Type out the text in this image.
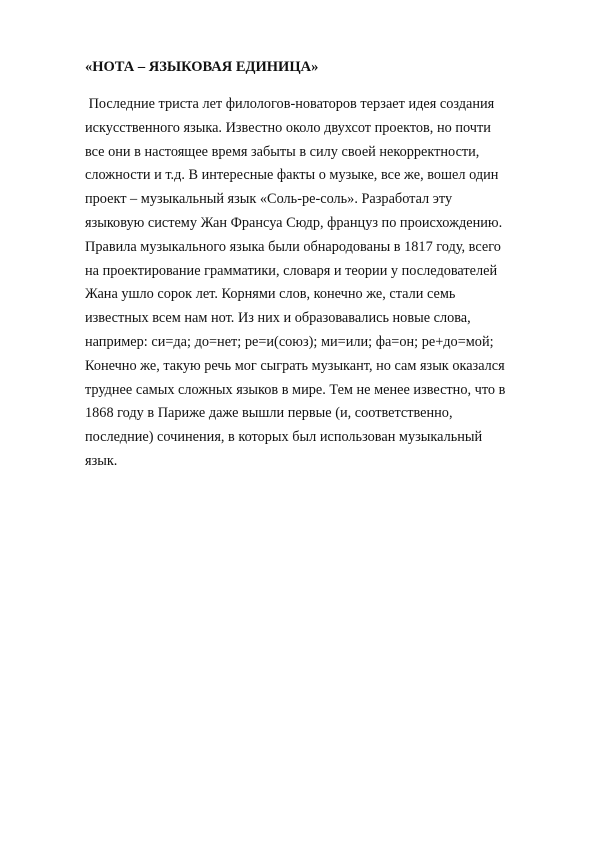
«НОТА – ЯЗЫКОВАЯ ЕДИНИЦА»
Последние триста лет филологов-новаторов терзает идея создания
искусственного языка. Известно около двухсот проектов, но почти
все они в настоящее время забыты в силу своей некорректности,
сложности и т.д. В интересные факты о музыке, все же, вошел один
проект – музыкальный язык «Соль-ре-соль». Разработал эту
языковую систему Жан Франсуа Сюдр, француз по происхождению.
Правила музыкального языка были обнародованы в 1817 году, всего
на проектирование грамматики, словаря и теории у последователей
Жана ушло сорок лет. Корнями слов, конечно же, стали семь
известных всем нам нот. Из них и образовавались новые слова,
например: си=да; до=нет; ре=и(союз); ми=или; фа=он; ре+до=мой;
Конечно же, такую речь мог сыграть музыкант, но сам язык оказался
труднее самых сложных языков в мире. Тем не менее известно, что в
1868 году в Париже даже вышли первые (и, соответственно,
последние) сочинения, в которых был использован музыкальный
язык.
